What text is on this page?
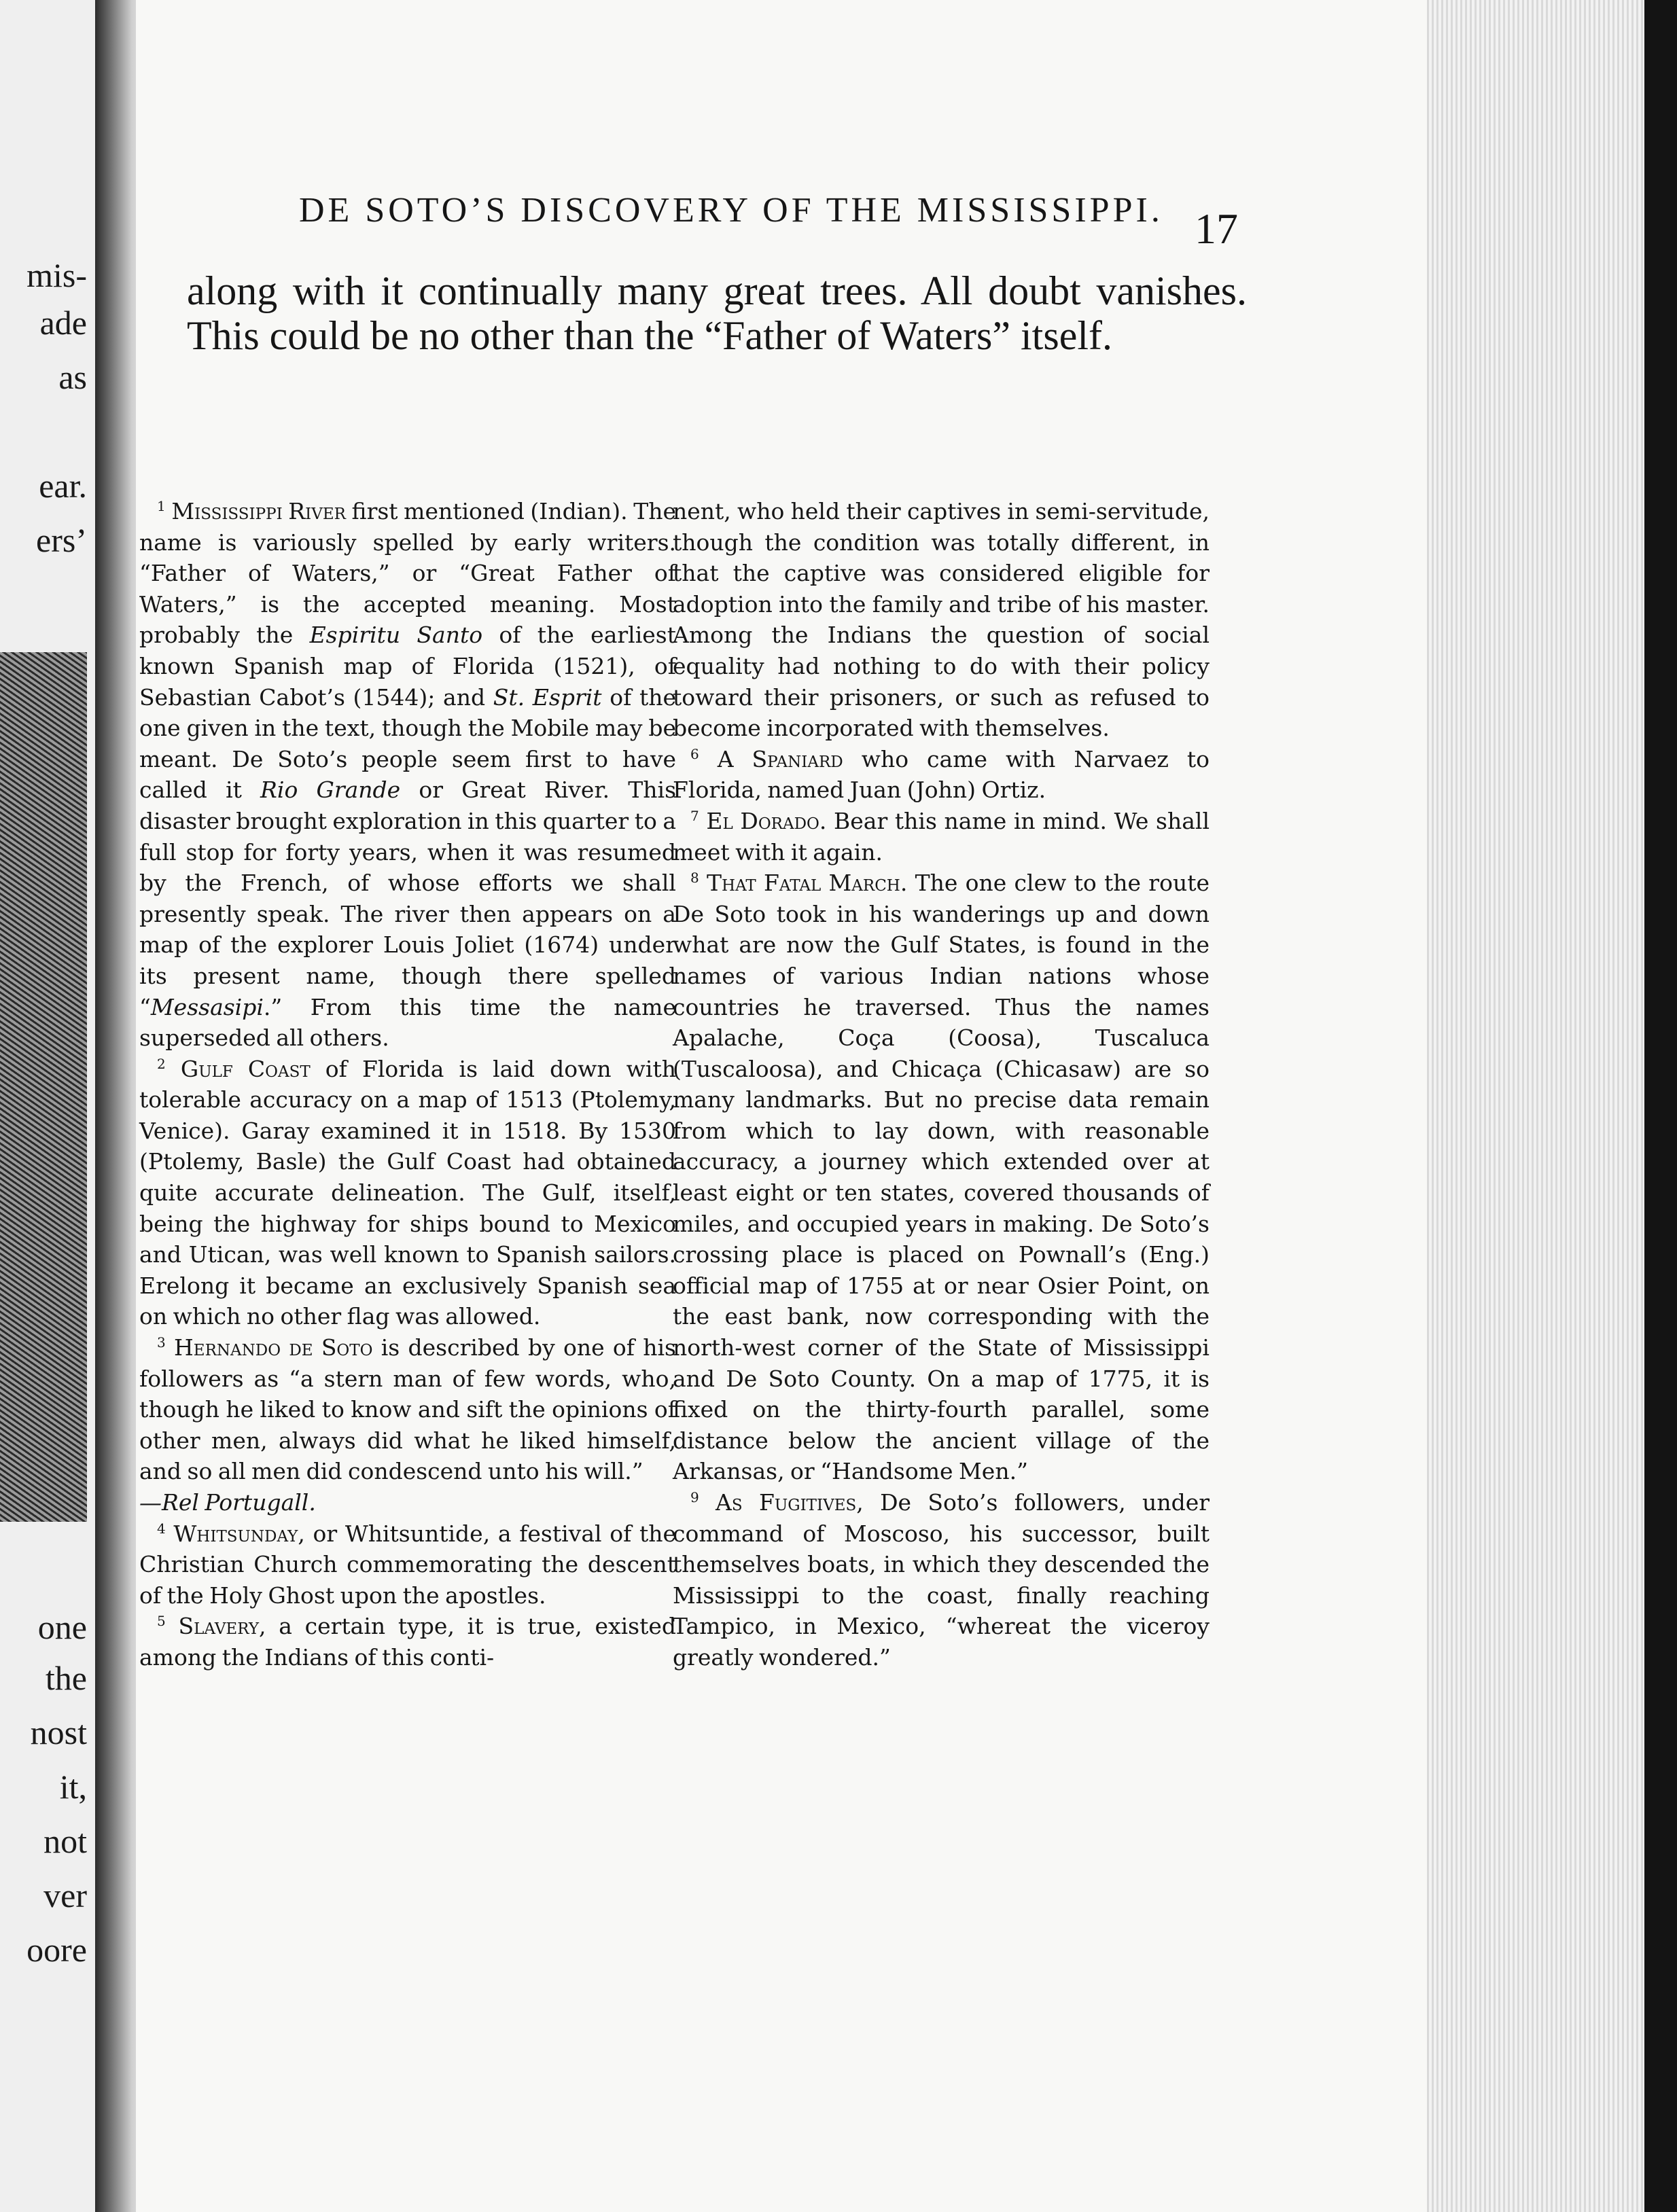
mis-
ade
as
ear.
ers’
one
the
nost
it,
not
ver
oore
DE SOTO’S DISCOVERY OF THE MISSISSIPPI. 17
along with it continually many great trees. All doubt vanishes. This could be no other than the “Father of Waters” itself.

$^1$ Mississippi River first mentioned (Indian). The name is variously spelled by early writers. “Father of Waters,” or “Great Father of Waters,” is the accepted meaning. Most probably the Espiritu Santo of the earliest known Spanish map of Florida (1521), of Sebastian Cabot’s (1544); and St. Esprit of the one given in the text, though the Mobile may be meant. De Soto’s people seem first to have called it Rio Grande or Great River. This disaster brought exploration in this quarter to a full stop for forty years, when it was resumed by the French, of whose efforts we shall presently speak. The river then appears on a map of the explorer Louis Joliet (1674) under its present name, though there spelled “Messasipi.” From this time the name superseded all others.

$^2$ Gulf Coast of Florida is laid down with tolerable accuracy on a map of 1513 (Ptolemy, Venice). Garay examined it in 1518. By 1530 (Ptolemy, Basle) the Gulf Coast had obtained quite accurate delineation. The Gulf, itself, being the highway for ships bound to Mexico and Utican, was well known to Spanish sailors. Erelong it became an exclusively Spanish sea on which no other flag was allowed.

$^3$ Hernando de Soto is described by one of his followers as “a stern man of few words, who, though he liked to know and sift the opinions of other men, always did what he liked himself, and so all men did condescend unto his will.”

—Rel Portugall.

$^4$ Whitsunday, or Whitsuntide, a festival of the Christian Church commemorating the descent of the Holy Ghost upon the apostles.

$^5$ Slavery, a certain type, it is true, existed among the Indians of this conti-

nent, who held their captives in semi-servitude, though the condition was totally different, in that the captive was considered eligible for adoption into the family and tribe of his master. Among the Indians the question of social equality had nothing to do with their policy toward their prisoners, or such as refused to become incorporated with themselves.

$^6$ A Spaniard who came with Narvaez to Florida, named Juan (John) Ortiz.

$^7$ El Dorado. Bear this name in mind. We shall meet with it again.

$^8$ That Fatal March. The one clew to the route De Soto took in his wanderings up and down what are now the Gulf States, is found in the names of various Indian nations whose countries he traversed. Thus the names Apalache, Coça (Coosa), Tuscaluca (Tuscaloosa), and Chicaça (Chicasaw) are so many landmarks. But no precise data remain from which to lay down, with reasonable accuracy, a journey which extended over at least eight or ten states, covered thousands of miles, and occupied years in making. De Soto’s crossing place is placed on Pownall’s (Eng.) official map of 1755 at or near Osier Point, on the east bank, now corresponding with the north-west corner of the State of Mississippi and De Soto County. On a map of 1775, it is fixed on the thirty-fourth parallel, some distance below the ancient village of the Arkansas, or “Handsome Men.”

$^9$ As Fugitives, De Soto’s followers, under command of Moscoso, his successor, built themselves boats, in which they descended the Mississippi to the coast, finally reaching Tampico, in Mexico, “whereat the viceroy greatly wondered.”
